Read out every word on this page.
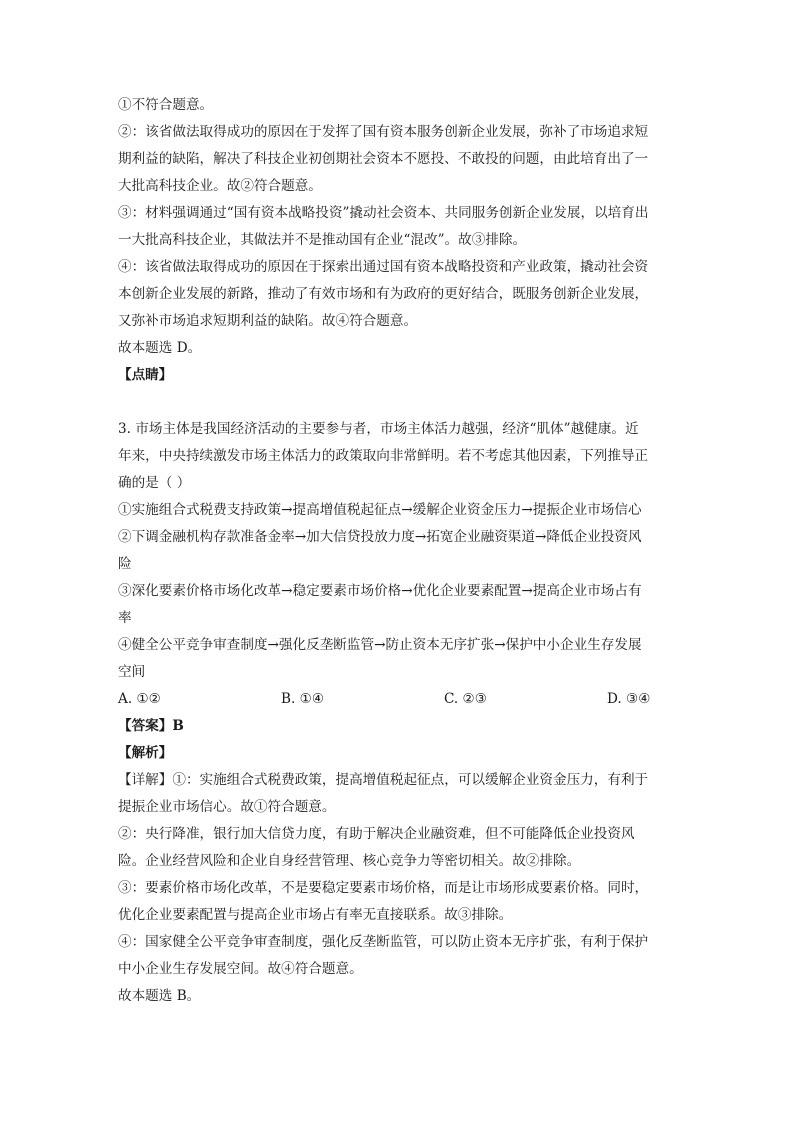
①不符合题意。
②：该省做法取得成功的原因在于发挥了国有资本服务创新企业发展，弥补了市场追求短
期利益的缺陷，解决了科技企业初创期社会资本不愿投、不敢投的问题，由此培育出了一
大批高科技企业。故②符合题意。
③：材料强调通过“国有资本战略投资”撬动社会资本、共同服务创新企业发展，以培育出
一大批高科技企业，其做法并不是推动国有企业“混改”。故③排除。
④：该省做法取得成功的原因在于探索出通过国有资本战略投资和产业政策，撬动社会资
本创新企业发展的新路，推动了有效市场和有为政府的更好结合，既服务创新企业发展，
又弥补市场追求短期利益的缺陷。故④符合题意。
故本题选 D。
【点睛】
3. 市场主体是我国经济活动的主要参与者，市场主体活力越强，经济“肌体”越健康。近
年来，中央持续激发市场主体活力的政策取向非常鲜明。若不考虑其他因素，下列推导正
确的是（ ）
①实施组合式税费支持政策→提高增值税起征点→缓解企业资金压力→提振企业市场信心
②下调金融机构存款准备金率→加大信贷投放力度→拓宽企业融资渠道→降低企业投资风
险
③深化要素价格市场化改革→稳定要素市场价格→优化企业要素配置→提高企业市场占有
率
④健全公平竞争审查制度→强化反垄断监管→防止资本无序扩张→保护中小企业生存发展
空间
A. ①②	B. ①④	C. ②③	D. ③④
【答案】B
【解析】
【详解】①：实施组合式税费政策，提高增值税起征点，可以缓解企业资金压力，有利于
提振企业市场信心。故①符合题意。
②：央行降准，银行加大信贷力度，有助于解决企业融资难，但不可能降低企业投资风
险。企业经营风险和企业自身经营管理、核心竞争力等密切相关。故②排除。
③：要素价格市场化改革，不是要稳定要素市场价格，而是让市场形成要素价格。同时，
优化企业要素配置与提高企业市场占有率无直接联系。故③排除。
④：国家健全公平竞争审查制度，强化反垄断监管，可以防止资本无序扩张，有利于保护
中小企业生存发展空间。故④符合题意。
故本题选 B。
